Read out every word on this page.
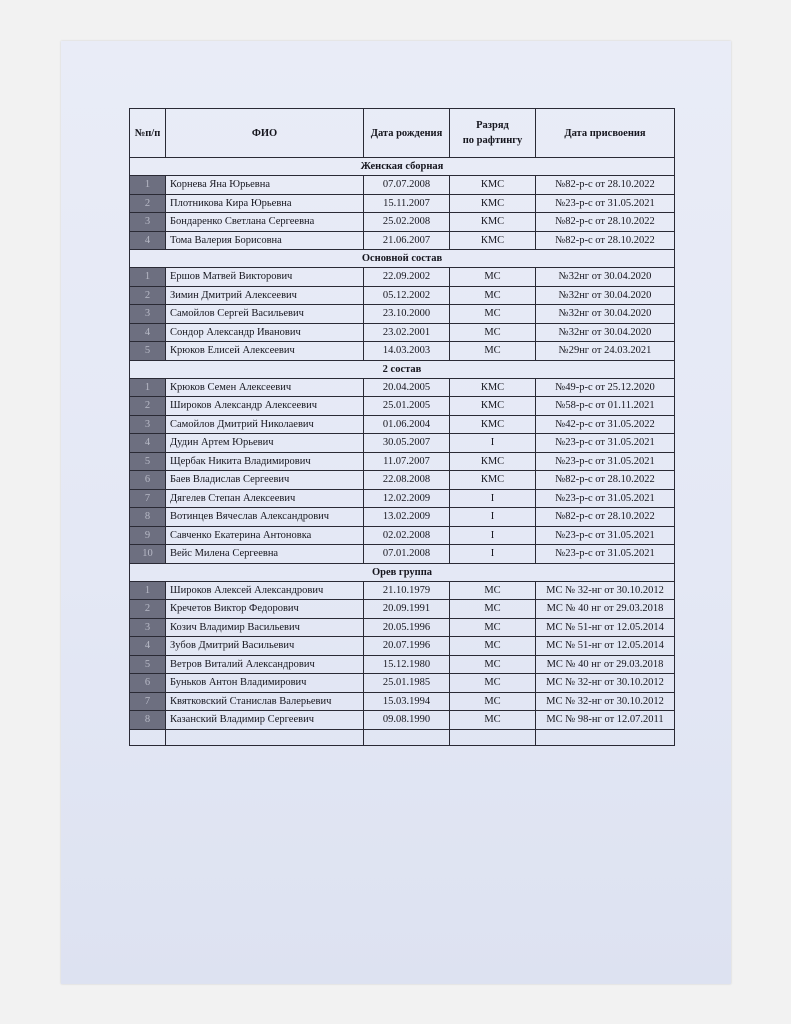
№п/п	ФИО	Дата рождения	Разряд
по рафтингу	Дата присвоения
Женская сборная				
1	Корнева Яна Юрьевна	07.07.2008	КМС	№82-р-с от 28.10.2022
2	Плотникова Кира Юрьевна	15.11.2007	КМС	№23-р-с от 31.05.2021
3	Бондаренко Светлана Сергеевна	25.02.2008	КМС	№82-р-с от 28.10.2022
4	Тома Валерия Борисовна	21.06.2007	КМС	№82-р-с от 28.10.2022
Основной состав				
1	Ершов Матвей Викторович	22.09.2002	МС	№32нг от 30.04.2020
2	Зимин Дмитрий Алексеевич	05.12.2002	МС	№32нг от 30.04.2020
3	Самойлов Сергей Васильевич	23.10.2000	МС	№32нг от 30.04.2020
4	Сондор Александр Иванович	23.02.2001	МС	№32нг от 30.04.2020
5	Крюков Елисей Алексеевич	14.03.2003	МС	№29нг от 24.03.2021
2 состав				
1	Крюков Семен Алексеевич	20.04.2005	КМС	№49-р-с от 25.12.2020
2	Широков Александр Алексеевич	25.01.2005	КМС	№58-р-с от 01.11.2021
3	Самойлов Дмитрий Николаевич	01.06.2004	КМС	№42-р-с от 31.05.2022
4	Дудин Артем Юрьевич	30.05.2007	I	№23-р-с от 31.05.2021
5	Щербак Никита Владимирович	11.07.2007	КМС	№23-р-с от 31.05.2021
6	Баев Владислав Сергеевич	22.08.2008	КМС	№82-р-с от 28.10.2022
7	Дягелев Степан Алексеевич	12.02.2009	I	№23-р-с от 31.05.2021
8	Вотинцев Вячеслав Александрович	13.02.2009	I	№82-р-с от 28.10.2022
9	Савченко Екатерина Антоновка	02.02.2008	I	№23-р-с от 31.05.2021
10	Вейс Милена Сергеевна	07.01.2008	I	№23-р-с от 31.05.2021
Орев группа				
1	Широков Алексей Александрович	21.10.1979	МС	МС № 32-нг от 30.10.2012
2	Кречетов Виктор Федорович	20.09.1991	МС	МС № 40 нг от 29.03.2018
3	Козич Владимир Васильевич	20.05.1996	МС	МС № 51-нг от 12.05.2014
4	Зубов Дмитрий Васильевич	20.07.1996	МС	МС № 51-нг от 12.05.2014
5	Ветров Виталий Александрович	15.12.1980	МС	МС № 40 нг от 29.03.2018
6	Буньков Антон Владимирович	25.01.1985	МС	МС № 32-нг от 30.10.2012
7	Квятковский Станислав Валерьевич	15.03.1994	МС	МС № 32-нг от 30.10.2012
8	Казанский Владимир Сергеевич	09.08.1990	МС	МС № 98-нг от 12.07.2011
